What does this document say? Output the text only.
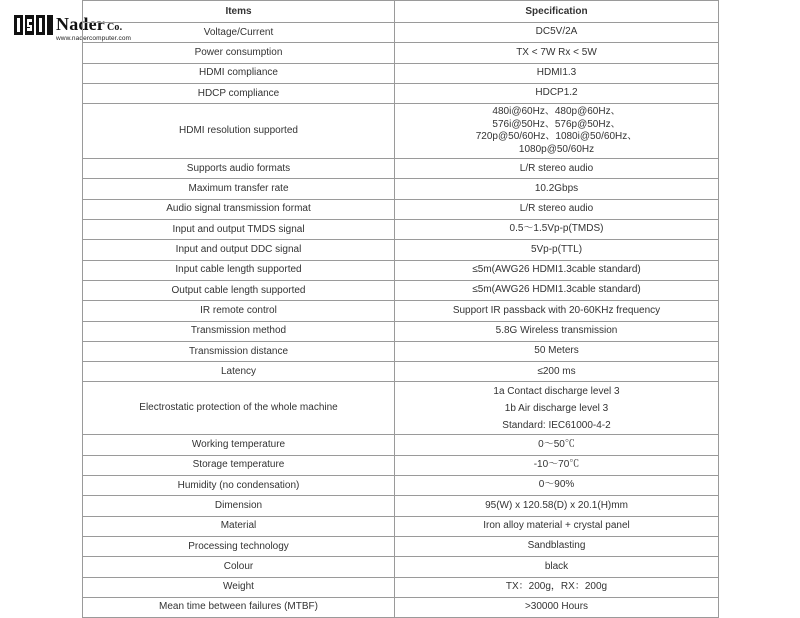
Nader Co.
www.nadercomputer.com
Items	Specification
Voltage/Current	DC5V/2A

Power consumption	TX < 7W Rx < 5W

HDMI compliance	HDMI1.3

HDCP compliance	HDCP1.2

HDMI resolution supported	480i@60Hz、480p@60Hz、
576i@50Hz、576p@50Hz、
720p@50/60Hz、1080i@50/60Hz、
1080p@50/60Hz

Supports audio formats	L/R stereo audio

Maximum transfer rate	10.2Gbps

Audio signal transmission format	L/R stereo audio

Input and output TMDS signal	0.5～1.5Vp-p(TMDS)

Input and output DDC signal	5Vp-p(TTL)

Input cable length supported	≤5m(AWG26 HDMI1.3cable standard)

Output cable length supported	≤5m(AWG26 HDMI1.3cable standard)

IR remote control	Support IR passback with 20-60KHz frequency

Transmission method	5.8G Wireless transmission

Transmission distance	50 Meters

Latency	≤200 ms

Electrostatic protection of the whole machine	1a Contact discharge level 3
1b Air discharge level 3
Standard: IEC61000-4-2

Working temperature	0～50℃

Storage temperature	-10～70℃

Humidity (no condensation)	0～90%

Dimension	95(W) x 120.58(D) x 20.1(H)mm

Material	Iron alloy material + crystal panel

Processing technology	Sandblasting

Colour	black

Weight	TX：200g，RX：200g

Mean time between failures (MTBF)	>30000 Hours
